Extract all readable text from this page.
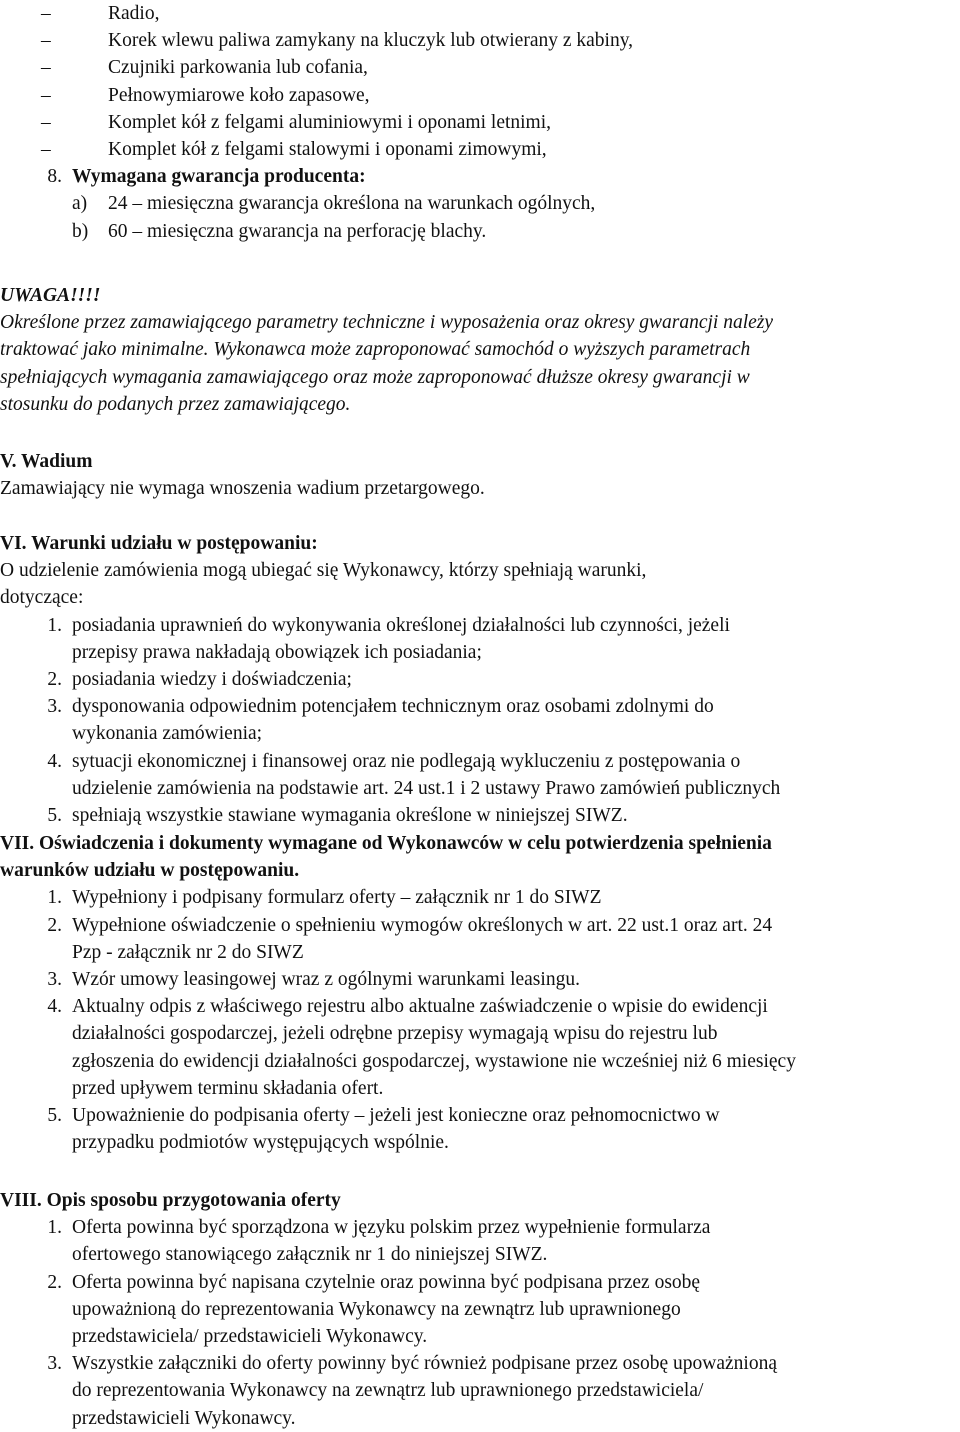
–	Radio,
–	Korek wlewu paliwa zamykany na kluczyk lub otwierany z kabiny,
–	Czujniki parkowania lub cofania,
–	Pełnowymiarowe koło zapasowe,
–	Komplet kół z felgami aluminiowymi i oponami letnimi,
–	Komplet kół z felgami stalowymi i oponami zimowymi,
8. Wymagana gwarancja producenta:
a) 24 – miesięczna gwarancja określona na warunkach ogólnych,
b) 60 – miesięczna gwarancja na perforację blachy.
UWAGA!!!!
Określone przez zamawiającego parametry techniczne i wyposażenia oraz okresy gwarancji należy
traktować jako minimalne. Wykonawca może zaproponować samochód o wyższych parametrach
spełniających wymagania zamawiającego oraz może zaproponować dłuższe okresy gwarancji w
stosunku do podanych przez zamawiającego.
V. Wadium
Zamawiający nie wymaga wnoszenia wadium przetargowego.
VI. Warunki udziału w postępowaniu:
O udzielenie zamówienia mogą ubiegać się Wykonawcy, którzy spełniają warunki,
dotyczące:
1. posiadania uprawnień do wykonywania określonej działalności lub czynności, jeżeli
przepisy prawa nakładają obowiązek ich posiadania;
2. posiadania wiedzy i doświadczenia;
3. dysponowania odpowiednim potencjałem technicznym oraz osobami zdolnymi do
wykonania zamówienia;
4. sytuacji ekonomicznej i finansowej oraz nie podlegają wykluczeniu z postępowania o
udzielenie zamówienia na podstawie art. 24 ust.1 i 2 ustawy Prawo zamówień publicznych
5. spełniają wszystkie stawiane wymagania określone w niniejszej SIWZ.
VII. Oświadczenia i dokumenty wymagane od Wykonawców w celu potwierdzenia spełnienia
warunków udziału w postępowaniu.
1. Wypełniony i podpisany formularz oferty – załącznik nr 1 do SIWZ
2. Wypełnione oświadczenie o spełnieniu wymogów określonych w art. 22 ust.1 oraz art. 24
Pzp - załącznik nr 2 do SIWZ
3. Wzór umowy leasingowej wraz z ogólnymi warunkami leasingu.
4. Aktualny odpis z właściwego rejestru albo aktualne zaświadczenie o wpisie do ewidencji
działalności gospodarczej, jeżeli odrębne przepisy wymagają wpisu do rejestru lub
zgłoszenia do ewidencji działalności gospodarczej, wystawione nie wcześniej niż 6 miesięcy
przed upływem terminu składania ofert.
5. Upoważnienie do podpisania oferty – jeżeli jest konieczne oraz pełnomocnictwo w
przypadku podmiotów występujących wspólnie.
VIII. Opis sposobu przygotowania oferty
1. Oferta powinna być sporządzona w języku polskim przez wypełnienie formularza
ofertowego stanowiącego załącznik nr 1 do niniejszej SIWZ.
2. Oferta powinna być napisana czytelnie oraz powinna być podpisana przez osobę
upoważnioną do reprezentowania Wykonawcy na zewnątrz lub uprawnionego
przedstawiciela/ przedstawicieli Wykonawcy.
3. Wszystkie załączniki do oferty powinny być również podpisane przez osobę upoważnioną
do reprezentowania Wykonawcy na zewnątrz lub uprawnionego przedstawiciela/
przedstawicieli Wykonawcy.
